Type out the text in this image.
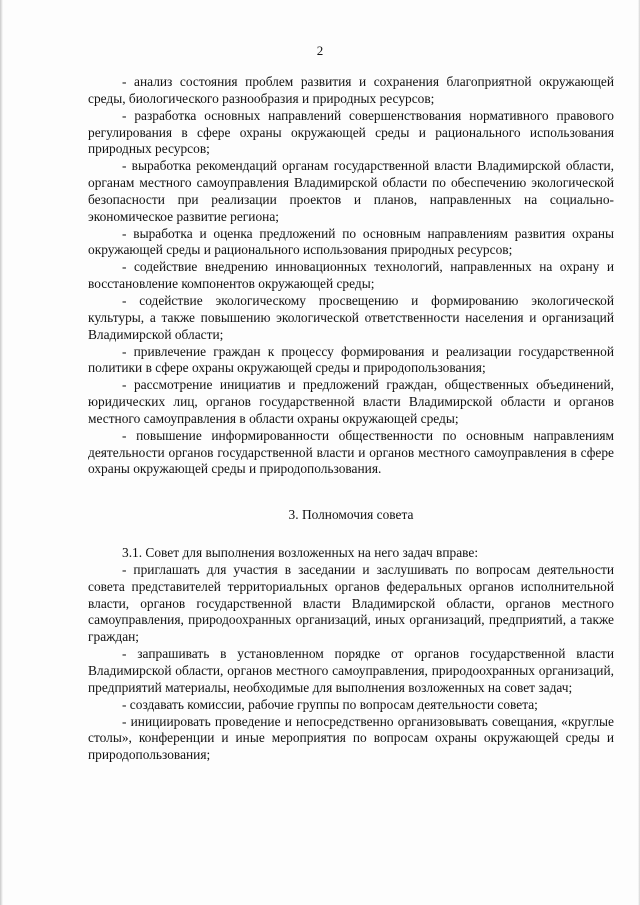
2

- анализ состояния проблем развития и сохранения благоприятной окружающей среды, биологического разнообразия и природных ресурсов;

- разработка основных направлений совершенствования нормативного правового регулирования в сфере охраны окружающей среды и рационального использования природных ресурсов;

- выработка рекомендаций органам государственной власти Владимирской области, органам местного самоуправления Владимирской области по обеспечению экологической безопасности при реализации проектов и планов, направленных на социально-экономическое развитие региона;

- выработка и оценка предложений по основным направлениям развития охраны окружающей среды и рационального использования природных ресурсов;

- содействие внедрению инновационных технологий, направленных на охрану и восстановление компонентов окружающей среды;

- содействие экологическому просвещению и формированию экологической культуры, а также повышению экологической ответственности населения и организаций Владимирской области;

- привлечение граждан к процессу формирования и реализации государственной политики в сфере охраны окружающей среды и природопользования;

- рассмотрение инициатив и предложений граждан, общественных объединений, юридических лиц, органов государственной власти Владимирской области и органов местного самоуправления в области охраны окружающей среды;

- повышение информированности общественности по основным направлениям деятельности органов государственной власти и органов местного самоуправления в сфере охраны окружающей среды и природопользования.

3. Полномочия совета

3.1. Совет для выполнения возложенных на него задач вправе:

- приглашать для участия в заседании и заслушивать по вопросам деятельности совета представителей территориальных органов федеральных органов исполнительной власти, органов государственной власти Владимирской области, органов местного самоуправления, природоохранных организаций, иных организаций, предприятий, а также граждан;

- запрашивать в установленном порядке от органов государственной власти Владимирской области, органов местного самоуправления, природоохранных организаций, предприятий материалы, необходимые для выполнения возложенных на совет задач;

- создавать комиссии, рабочие группы по вопросам деятельности совета;

- инициировать проведение и непосредственно организовывать совещания, «круглые столы», конференции и иные мероприятия по вопросам охраны окружающей среды и природопользования;
